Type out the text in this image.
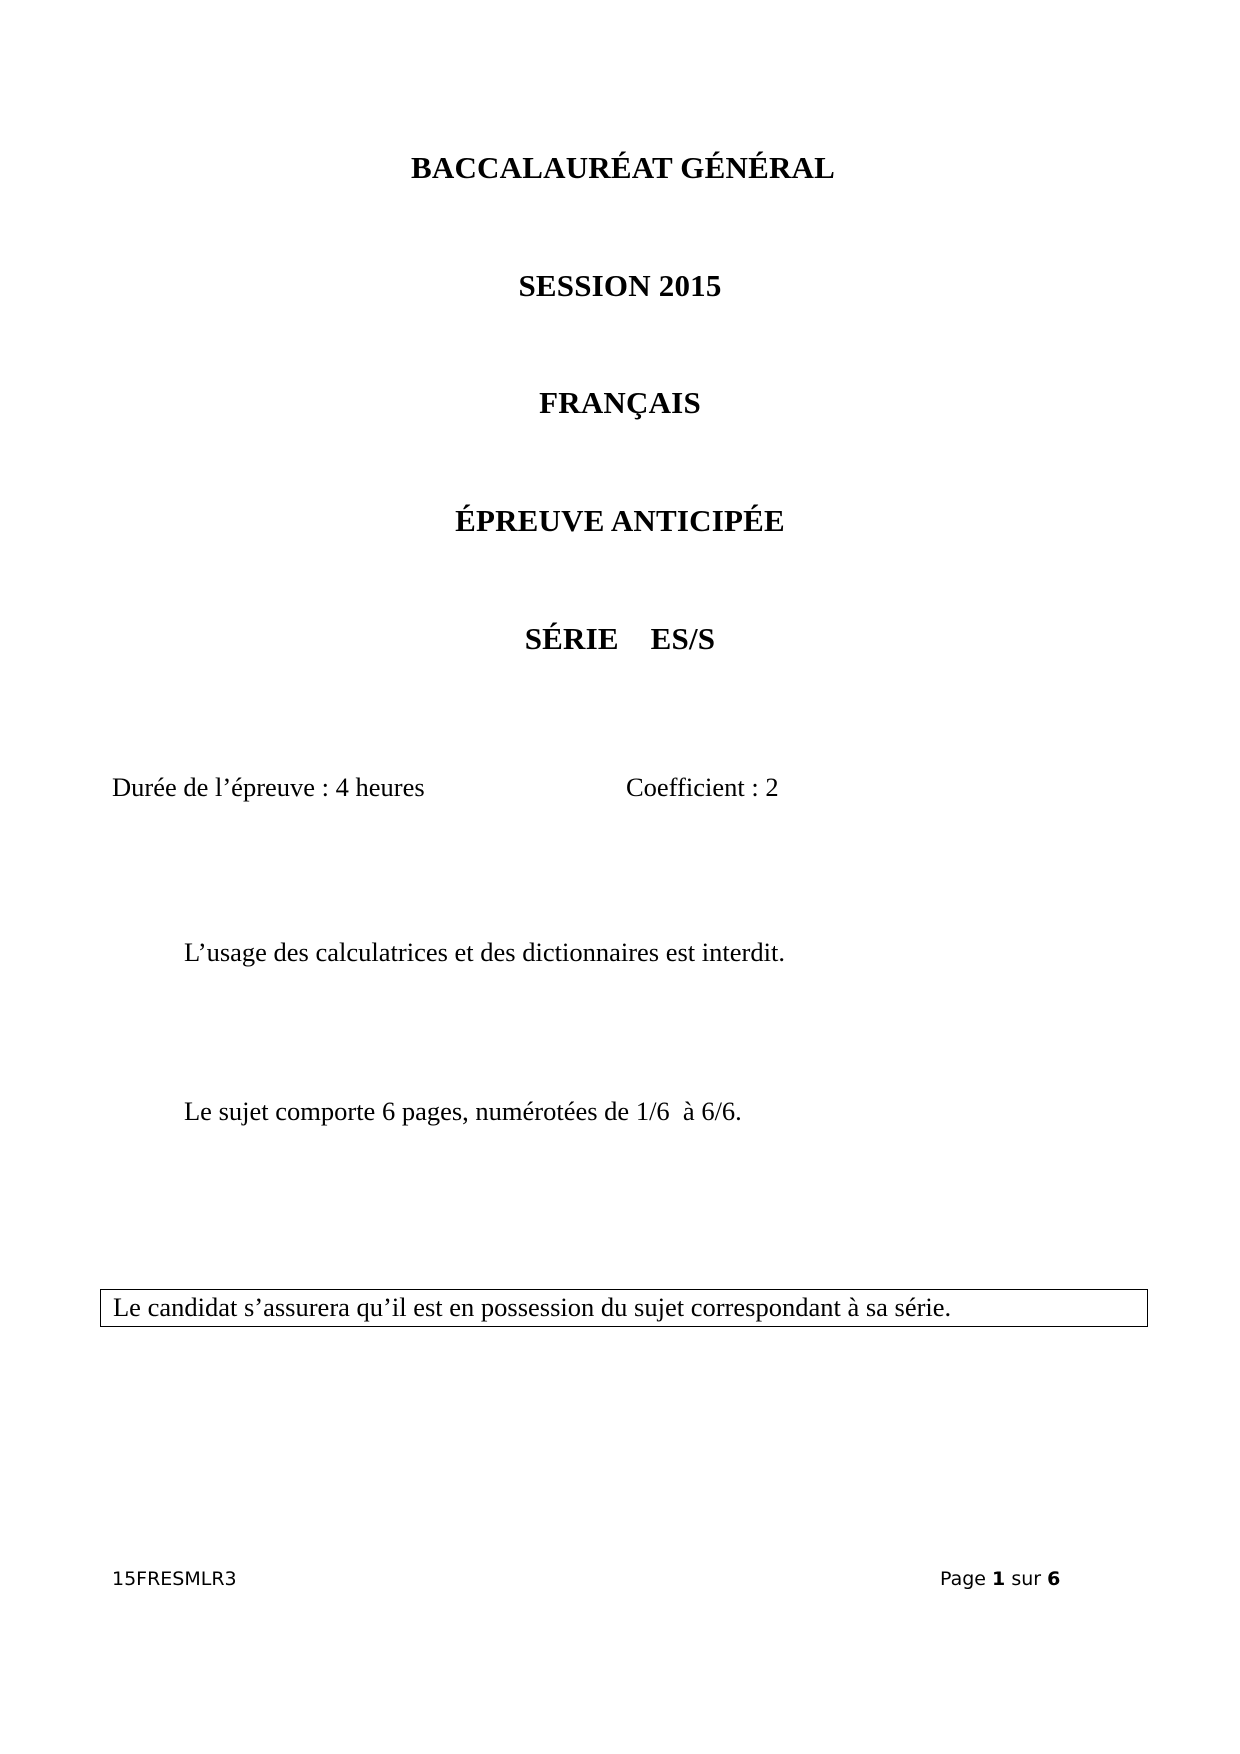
BACCALAURÉAT GÉNÉRAL
SESSION 2015
FRANÇAIS
ÉPREUVE ANTICIPÉE
SÉRIE  ES/S
Durée de l’épreuve : 4 heures	Coefficient : 2
L’usage des calculatrices et des dictionnaires est interdit.
Le sujet comporte 6 pages, numérotées de 1/6  à 6/6.
Le candidat s’assurera qu’il est en possession du sujet correspondant à sa série.
15FRESMLR3	Page 1 sur 6
